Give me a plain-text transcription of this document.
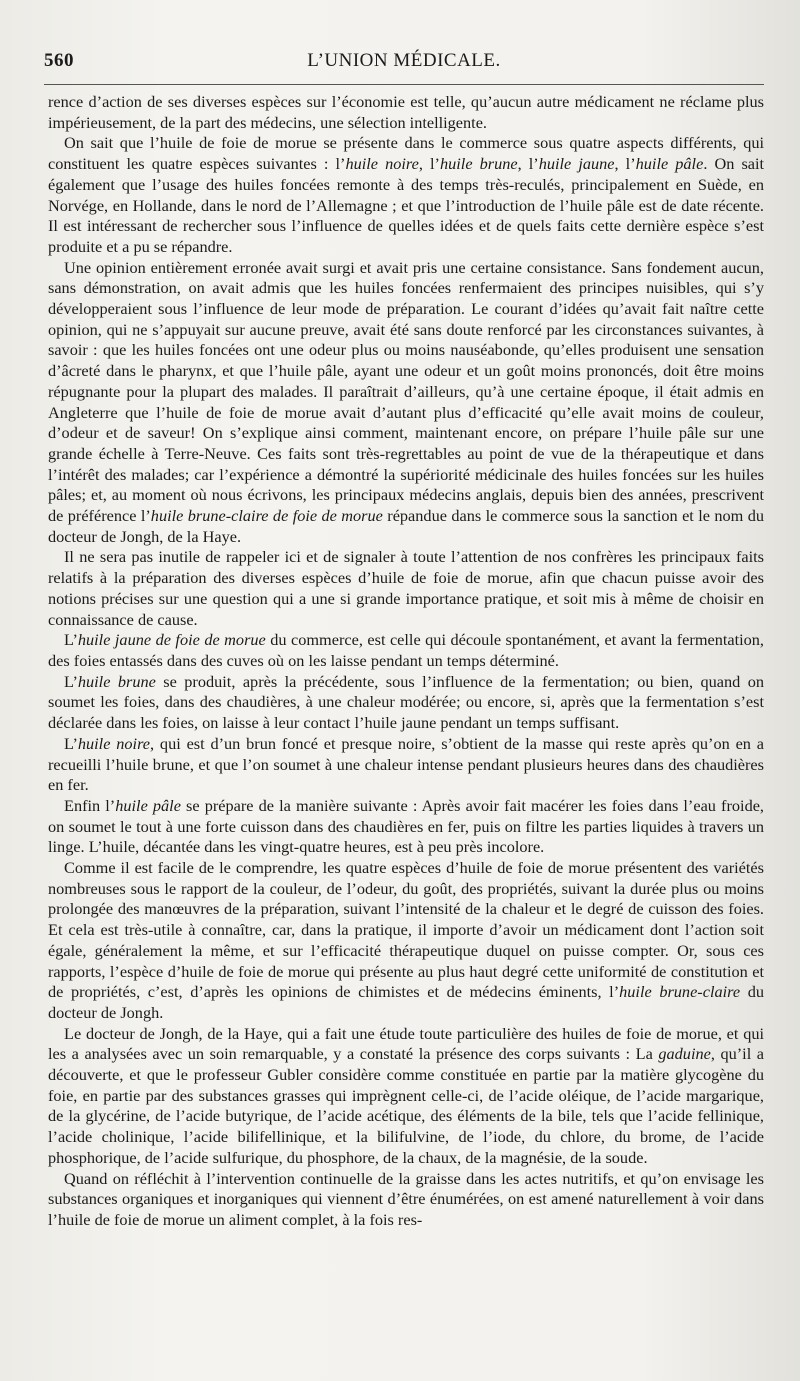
560	L’UNION MÉDICALE.

rence d’action de ses diverses espèces sur l’économie est telle, qu’aucun autre médicament ne réclame plus impérieusement, de la part des médecins, une sélection intelligente.

On sait que l’huile de foie de morue se présente dans le commerce sous quatre aspects différents, qui constituent les quatre espèces suivantes : l’huile noire, l’huile brune, l’huile jaune, l’huile pâle. On sait également que l’usage des huiles foncées remonte à des temps très-reculés, principalement en Suède, en Norvége, en Hollande, dans le nord de l’Allemagne ; et que l’introduction de l’huile pâle est de date récente. Il est intéressant de rechercher sous l’influence de quelles idées et de quels faits cette dernière espèce s’est produite et a pu se répandre.

Une opinion entièrement erronée avait surgi et avait pris une certaine consistance. Sans fondement aucun, sans démonstration, on avait admis que les huiles foncées renfermaient des principes nuisibles, qui s’y développeraient sous l’influence de leur mode de préparation. Le courant d’idées qu’avait fait naître cette opinion, qui ne s’appuyait sur aucune preuve, avait été sans doute renforcé par les circonstances suivantes, à savoir : que les huiles foncées ont une odeur plus ou moins nauséabonde, qu’elles produisent une sensation d’âcreté dans le pharynx, et que l’huile pâle, ayant une odeur et un goût moins prononcés, doit être moins répugnante pour la plupart des malades. Il paraîtrait d’ailleurs, qu’à une certaine époque, il était admis en Angleterre que l’huile de foie de morue avait d’autant plus d’efficacité qu’elle avait moins de couleur, d’odeur et de saveur! On s’explique ainsi comment, maintenant encore, on prépare l’huile pâle sur une grande échelle à Terre-Neuve. Ces faits sont très-regrettables au point de vue de la thérapeutique et dans l’intérêt des malades; car l’expérience a démontré la supériorité médicinale des huiles foncées sur les huiles pâles; et, au moment où nous écrivons, les principaux médecins anglais, depuis bien des années, prescrivent de préférence l’huile brune-claire de foie de morue répandue dans le commerce sous la sanction et le nom du docteur de Jongh, de la Haye.

Il ne sera pas inutile de rappeler ici et de signaler à toute l’attention de nos confrères les principaux faits relatifs à la préparation des diverses espèces d’huile de foie de morue, afin que chacun puisse avoir des notions précises sur une question qui a une si grande importance pratique, et soit mis à même de choisir en connaissance de cause.

L’huile jaune de foie de morue du commerce, est celle qui découle spontanément, et avant la fermentation, des foies entassés dans des cuves où on les laisse pendant un temps déterminé.

L’huile brune se produit, après la précédente, sous l’influence de la fermentation; ou bien, quand on soumet les foies, dans des chaudières, à une chaleur modérée; ou encore, si, après que la fermentation s’est déclarée dans les foies, on laisse à leur contact l’huile jaune pendant un temps suffisant.

L’huile noire, qui est d’un brun foncé et presque noire, s’obtient de la masse qui reste après qu’on en a recueilli l’huile brune, et que l’on soumet à une chaleur intense pendant plusieurs heures dans des chaudières en fer.

Enfin l’huile pâle se prépare de la manière suivante : Après avoir fait macérer les foies dans l’eau froide, on soumet le tout à une forte cuisson dans des chaudières en fer, puis on filtre les parties liquides à travers un linge. L’huile, décantée dans les vingt-quatre heures, est à peu près incolore.

Comme il est facile de le comprendre, les quatre espèces d’huile de foie de morue présentent des variétés nombreuses sous le rapport de la couleur, de l’odeur, du goût, des propriétés, suivant la durée plus ou moins prolongée des manœuvres de la préparation, suivant l’intensité de la chaleur et le degré de cuisson des foies. Et cela est très-utile à connaître, car, dans la pratique, il importe d’avoir un médicament dont l’action soit égale, généralement la même, et sur l’efficacité thérapeutique duquel on puisse compter. Or, sous ces rapports, l’espèce d’huile de foie de morue qui présente au plus haut degré cette uniformité de constitution et de propriétés, c’est, d’après les opinions de chimistes et de médecins éminents, l’huile brune-claire du docteur de Jongh.

Le docteur de Jongh, de la Haye, qui a fait une étude toute particulière des huiles de foie de morue, et qui les a analysées avec un soin remarquable, y a constaté la présence des corps suivants : La gaduine, qu’il a découverte, et que le professeur Gubler considère comme constituée en partie par la matière glycogène du foie, en partie par des substances grasses qui imprègnent celle-ci, de l’acide oléique, de l’acide margarique, de la glycérine, de l’acide butyrique, de l’acide acétique, des éléments de la bile, tels que l’acide fellinique, l’acide cholinique, l’acide bilifellinique, et la bilifulvine, de l’iode, du chlore, du brome, de l’acide phosphorique, de l’acide sulfurique, du phosphore, de la chaux, de la magnésie, de la soude.

Quand on réfléchit à l’intervention continuelle de la graisse dans les actes nutritifs, et qu’on envisage les substances organiques et inorganiques qui viennent d’être énumérées, on est amené naturellement à voir dans l’huile de foie de morue un aliment complet, à la fois res-
